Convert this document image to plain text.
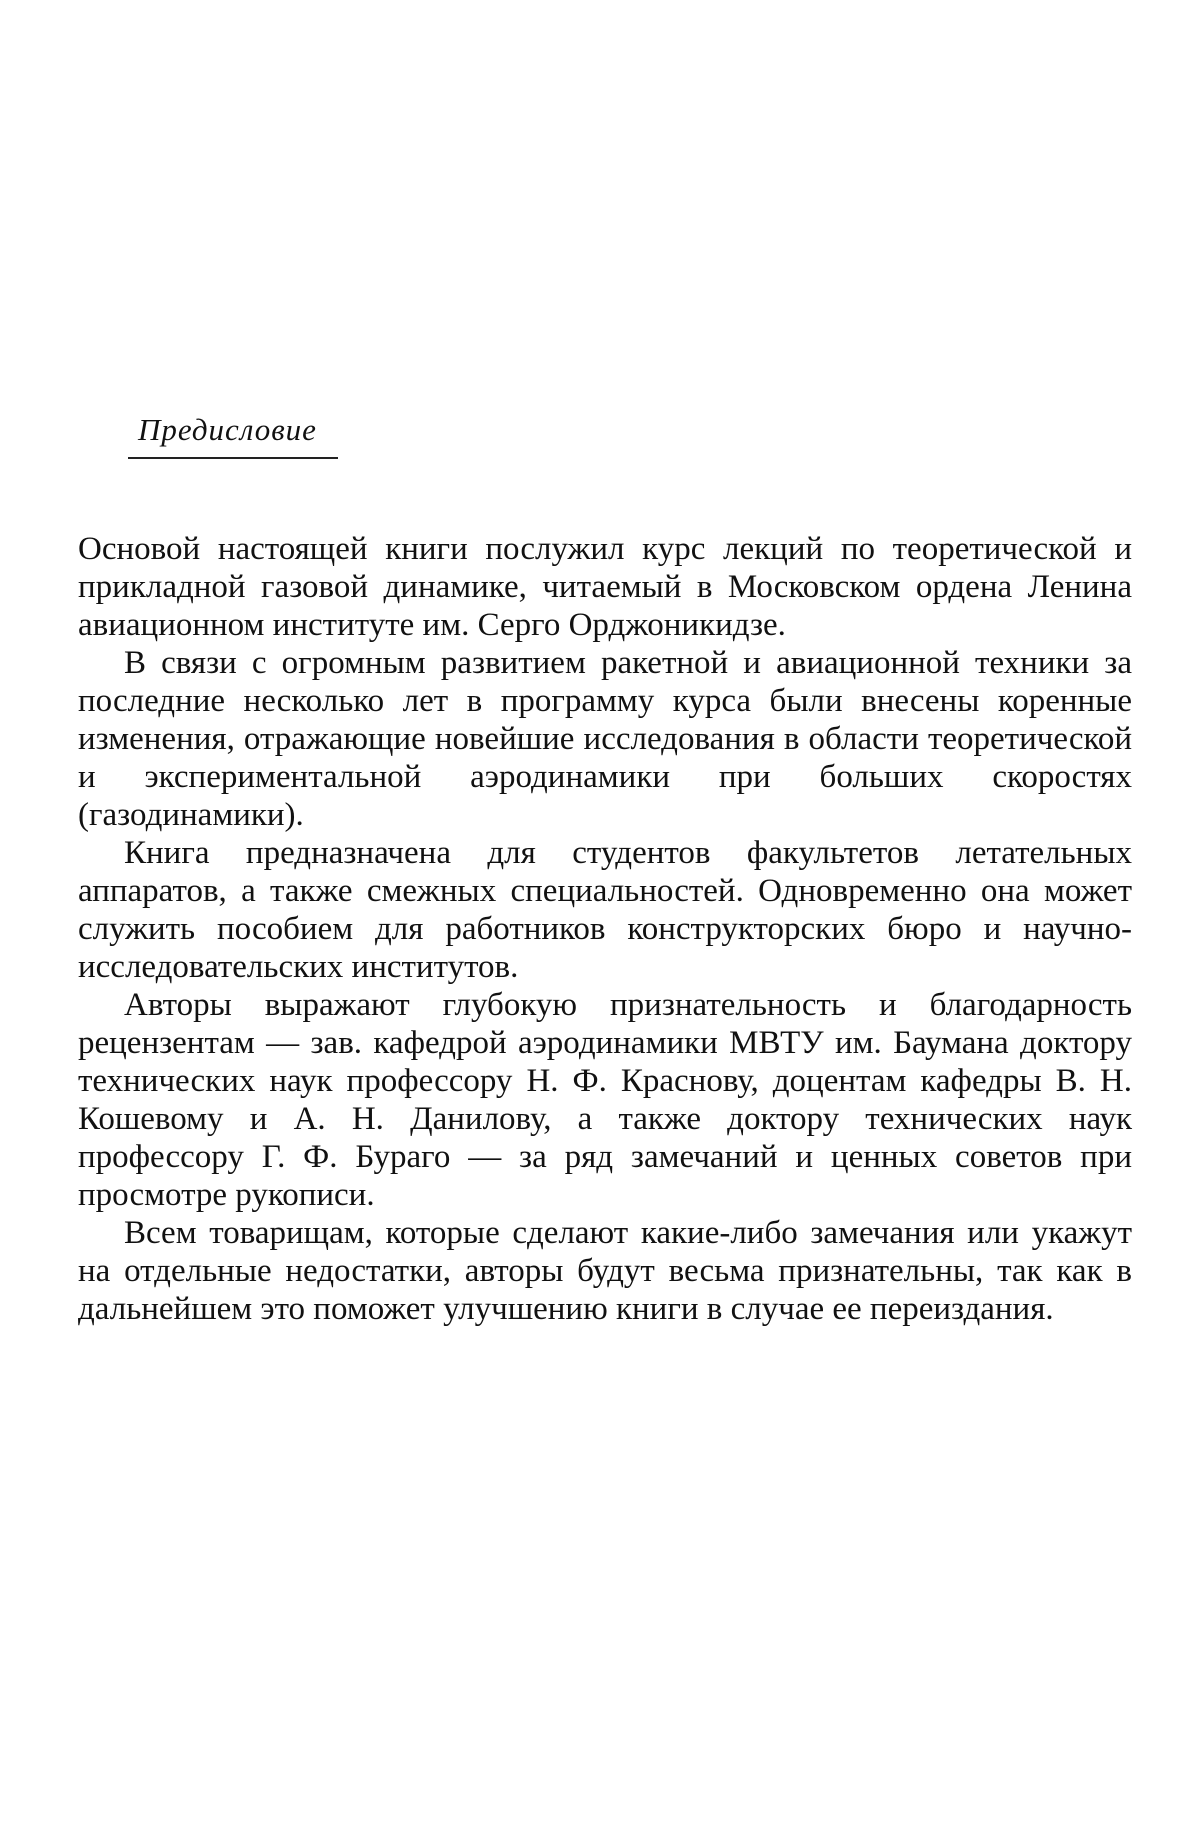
Предисловие

Основой настоящей книги послужил курс лекций по теоретической и прикладной газовой динамике, читаемый в Московском ордена Ленина авиационном институте им. Серго Орджоникидзе.

В связи с огромным развитием ракетной и авиационной техники за последние несколько лет в программу курса были внесены коренные изменения, отражающие новейшие исследования в области теоретической и экспериментальной аэродинамики при больших скоростях (газодинамики).

Книга предназначена для студентов факультетов летательных аппаратов, а также смежных специальностей. Одновременно она может служить пособием для работников конструкторских бюро и научно-исследовательских институтов.

Авторы выражают глубокую признательность и благодарность рецензентам — зав. кафедрой аэродинамики МВТУ им. Баумана доктору технических наук профессору Н. Ф. Краснову, доцентам кафедры В. Н. Кошевому и А. Н. Данилову, а также доктору технических наук профессору Г. Ф. Бураго — за ряд замечаний и ценных советов при просмотре рукописи.

Всем товарищам, которые сделают какие-либо замечания или укажут на отдельные недостатки, авторы будут весьма признательны, так как в дальнейшем это поможет улучшению книги в случае ее переиздания.
